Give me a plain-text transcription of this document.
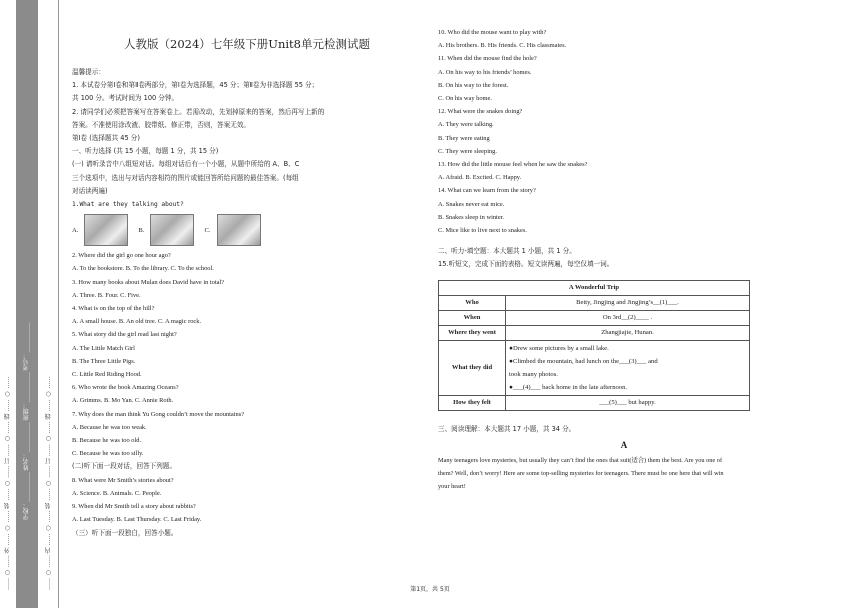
…… ○ …… 外 …… ○ …… 装 …… ○ …… 订 …… ○ …… 线 …… ○ …… 学校：__________ 姓名：__________ 班级：__________ 考号：__________	…… ○ …… 内 …… ○ …… 装 …… ○ …… 订 …… ○ …… 线 …… ○ ……
人教版（2024）七年级下册Unit8单元检测试题

温馨提示：

1. 本试卷分第Ⅰ卷和第Ⅱ卷两部分，第Ⅰ卷为选择题，45 分；第Ⅱ卷为非选择题 55 分；

共 100 分。考试时间为 100 分钟。

2. 请同学们必须把答案写在答案卷上。若需改动，先划掉原来的答案，然后再写上新的

答案。不准使用涂改液、胶带纸、修正带，否则，答案无效。

第Ⅰ卷 (选择题共 45 分)

一、听力选择 (共 15 小题，每题 1 分，共 15 分)

(一) 请听录音中八组短对话。每组对话后有一个小题，从题中所给的 A、B、C

三个选项中，选出与对话内容相符的图片或能回答所给问题的最佳答案。(每组

对话读两遍)

1.What are they talking about?

A.	B.	C.

2. Where did the girl go one hour ago?

A. To the bookstore. B. To the library. C. To the school.

3. How many books about Mulan does David have in total?

A. Three. B. Four. C. Five.

4. What is on the top of the hill?

A. A small house. B. An old tree. C. A magic rock.

5. What story did the girl read last night?

A. The Little Match Girl

B. The Three Little Pigs.

C. Little Red Riding Hood.

6. Who wrote the book Amazing Oceans?

A. Grimms. B. Mo Yan. C. Annie Roth.

7. Why does the man think Yu Gong couldn’t move the mountains?

A. Because he was too weak.

B. Because he was too old.

C. Because he was too silly.

(二)听下面一段对话，回答下列题。

8. What were Mr Smith’s stories about?

A. Science. B. Animals. C. People.

9. When did Mr Smith tell a story about rabbits?

A. Last Tuesday. B. Last Thursday. C. Last Friday.

（三）听下面一段独白，回答小题。

10. Who did the mouse want to play with?

A. His brothers. B. His friends. C. His classmates.

11. When did the mouse find the hole?

A. On his way to his friends’ homes.

B. On his way to the forest.

C. On his way home.

12. What were the snakes doing?

A. They were talking.

B. They were eating

C. They were sleeping.

13. How did the little mouse feel when he saw the snakes?

A. Afraid. B. Excited. C. Happy.

14. What can we learn from the story?

A. Snakes never eat mice.

B. Snakes sleep in winter.

C. Mice like to live next to snakes.

二、听力-填空题：本大题共 1 小题，共 1 分。

15.听短文，完成下面的表格。短文读两遍，每空仅填一词。

A Wonderful Trip	
Who	Betty, Jingjing and Jingjing’s__(1)___.
When	On 3rd__(2)____ .
Where they went	Zhangjiajie, Hunan.
What they did	●Drew some pictures by a small lake.
●Climbed the mountain, had lunch on the___(3)___ and
took many photos.
●___(4)___ back home in the late afternoon.

How they felt	___(5)___ but happy.

三、阅读理解：本大题共 17 小题，共 34 分。

A

Many teenagers love mysteries, but usually they can’t find the ones that suit(适合) them the best. Are you one of

them? Well, don’t worry! Here are some top-selling mysteries for teenagers. There must be one here that will win

your heart!

第1页，共 5页
